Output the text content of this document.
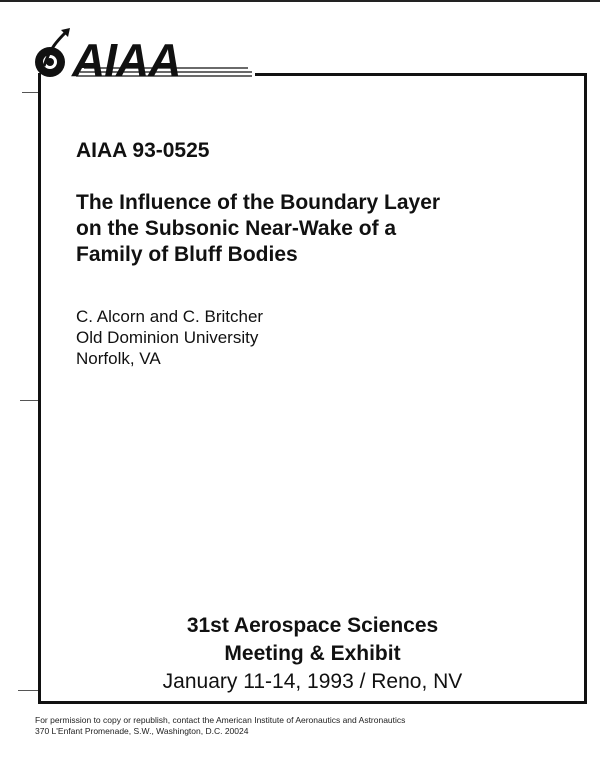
AIAA
AIAA 93-0525
The Influence of the Boundary Layer
on the Subsonic Near-Wake of a
Family of Bluff Bodies
C. Alcorn and C. Britcher
Old Dominion University
Norfolk, VA
31st Aerospace Sciences
Meeting & Exhibit
January 11-14, 1993 / Reno, NV
For permission to copy or republish, contact the American Institute of Aeronautics and Astronautics
370 L'Enfant Promenade, S.W., Washington, D.C. 20024
